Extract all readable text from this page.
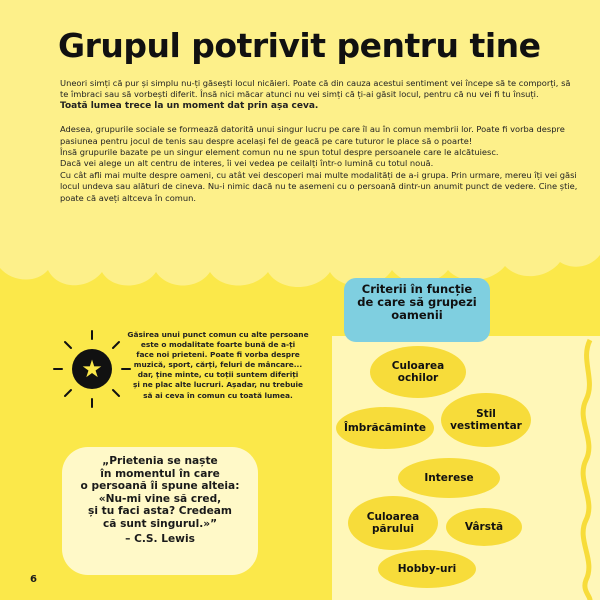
Grupul potrivit pentru tine

Uneori simți că pur și simplu nu-ți găsești locul nicăieri. Poate că din cauza acestui sentiment vei începe să te comporți, să te îmbraci sau să vorbești diferit. Însă nici măcar atunci nu vei simți că ți-ai găsit locul, pentru că nu vei fi tu însuți.

Toată lumea trece la un moment dat prin așa ceva.

Adesea, grupurile sociale se formează datorită unui singur lucru pe care îl au în comun membrii lor. Poate fi vorba despre pasiunea pentru jocul de tenis sau despre același fel de geacă pe care tuturor le place să o poarte!

Însă grupurile bazate pe un singur element comun nu ne spun totul despre persoanele care le alcătuiesc.

Dacă vei alege un alt centru de interes, îi vei vedea pe ceilalți într-o lumină cu totul nouă.

Cu cât afli mai multe despre oameni, cu atât vei descoperi mai multe modalități de a-i grupa. Prin urmare, mereu îți vei găsi locul undeva sau alături de cineva. Nu-i nimic dacă nu te asemeni cu o persoană dintr-un anumit punct de vedere. Cine știe, poate că aveți altceva în comun.

★

Găsirea unui punct comun cu alte persoane

este o modalitate foarte bună de a-ți

face noi prieteni. Poate fi vorba despre

muzică, sport, cărți, feluri de mâncare...

dar, ține minte, cu toții suntem diferiți

și ne plac alte lucruri. Așadar, nu trebuie

să ai ceva în comun cu toată lumea.

„Prietenia se naște

în momentul în care

o persoană îi spune alteia:

«Nu-mi vine să cred,

și tu faci asta? Credeam

că sunt singurul.»”

– C.S. Lewis

6

Criterii în funcție

de care să grupezi

oamenii

Culoarea
ochilor
Stil
vestimentar
Îmbrăcăminte
Interese
Culoarea
părului	Vârstă
Hobby-uri
